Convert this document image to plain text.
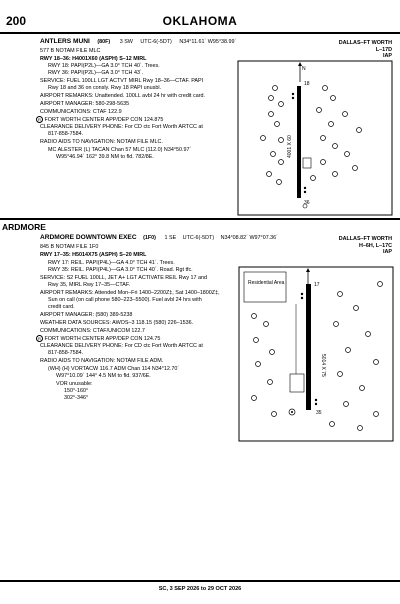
200	OKLAHOMA
ANTLERS MUNI (80F) 3 SW UTC-6(-5DT) N34°11.61´ W95°38.99´
577 B NOTAM FILE MLC
RWY 18–36: H4001X60 (ASPH) S–12 MIRL
RWY 18: PAPI(P2L)—GA 3.0° TCH 40´. Trees.
RWY 36: PAPI(P2L)—GA 3.0° TCH 43´.
SERVICE: FUEL 100LL LGT ACTVT MIRL Rwy 18–36—CTAF. PAPI
Rwy 18 and 36 on consly. Rwy 18 PAPI unusbl.
AIRPORT REMARKS: Unattended. 100LL avbl 24 hr with credit card.
AIRPORT MANAGER: 580-298-5635
COMMUNICATIONS: CTAF 122.9
R FORT WORTH CENTER APP/DEP CON 124.875
CLEARANCE DELIVERY PHONE: For CD ctc Fort Worth ARTCC at
817-858-7584.
RADIO AIDS TO NAVIGATION: NOTAM FILE MLC.
MC ALESTER (L) TACAN Chan 57 MLC (112.0) N34°50.97´
W95°46.94´ 162° 39.8 NM to fld. 782/8E.
DALLAS–FT WORTH
L–17D
IAP
N
18
36
4001 X 60
ARDMORE
ARDMORE DOWNTOWN EXEC (1F0) 1 SE UTC-6(-5DT) N34°08.82´ W97°07.36´
845 B NOTAM FILE 1F0
RWY 17–35: H5014X75 (ASPH) S–20 MIRL
RWY 17: REIL. PAPI(P4L)—GA 4.0° TCH 41´. Trees.
RWY 35: REIL. PAPI(P4L)—GA 3.0° TCH 40´. Road. Rgt tfc.
SERVICE: S2 FUEL 100LL, JET A+ LGT ACTIVATE REIL Rwy 17 and
Rwy 35, MIRL Rwy 17–35—CTAF.
AIRPORT REMARKS: Attended Mon–Fri 1400–2200Z‡, Sat 1400–1800Z‡,
Sun on call (on call phone 580–223–5500). Fuel avbl 24 hrs with
credit card.
AIRPORT MANAGER: (580) 389-5238
WEATHER DATA SOURCES: AWOS–3 118.15 (580) 226–1536.
COMMUNICATIONS: CTAF/UNICOM 122.7
R FORT WORTH CENTER APP/DEP CON 124.75
CLEARANCE DELIVERY PHONE: For CD ctc Fort Worth ARTCC at
817-858-7584.
RADIO AIDS TO NAVIGATION: NOTAM FILE ADM.
(WH) (H) VORTACW 116.7 ADM Chan 114 N34°12.70´
W97°10.09´ 144° 4.5 NM to fld. 937/6E.
VOR unusable:
150°-160°
302°-346°
DALLAS–FT WORTH
H–6H, L–17C
IAP
Residential Area	17
35
5014 X 75
SC, 3 SEP 2026 to 29 OCT 2026
